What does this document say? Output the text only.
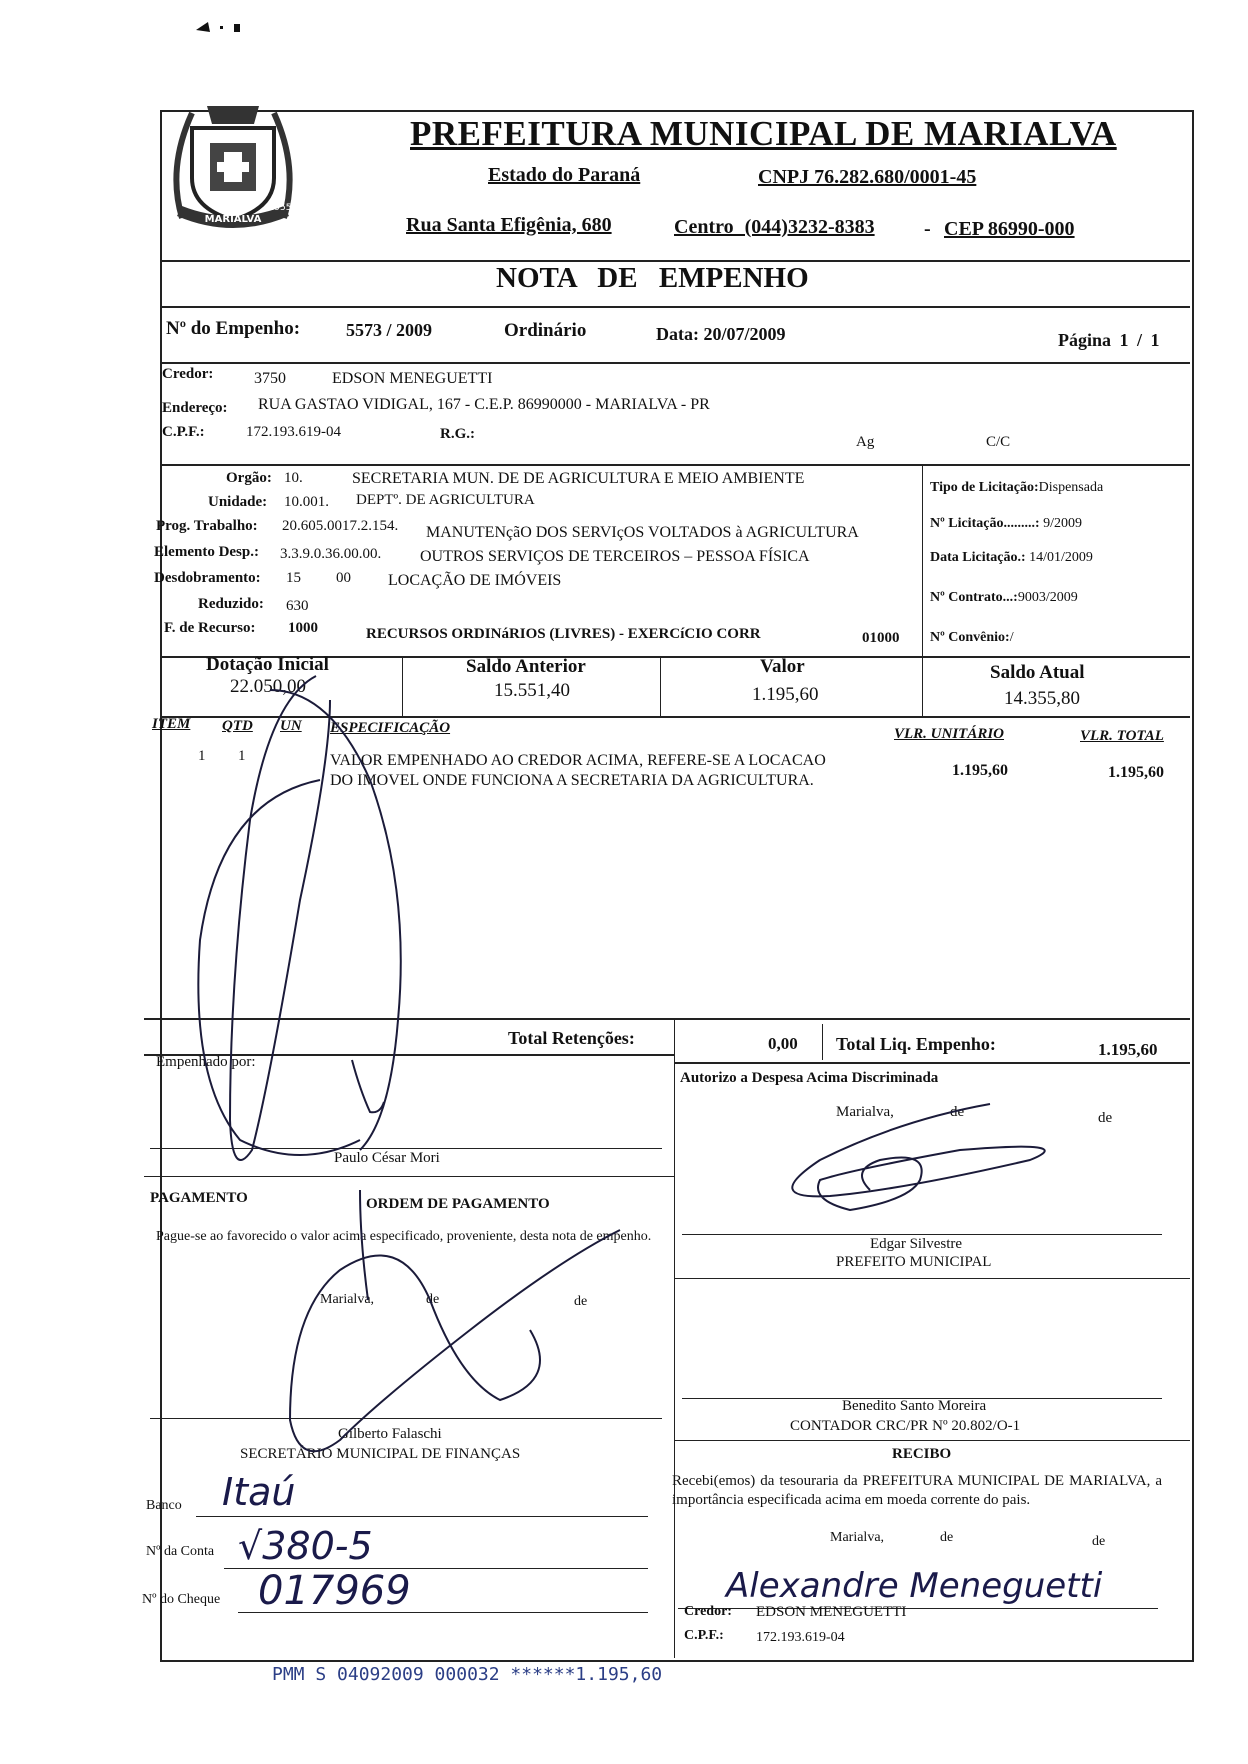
MARIALVA
1955
PREFEITURA MUNICIPAL DE MARIALVA
Estado do Paraná	CNPJ 76.282.680/0001-45
Rua Santa Efigênia, 680	Centro (044)3232-8383 - CEP 86990-000
NOTA DE EMPENHO
Nº do Empenho:	5573 / 2009	Ordinário	Data: 20/07/2009	Página 1 / 1
Credor:	3750	EDSON MENEGUETTI
Endereço: RUA GASTAO VIDIGAL, 167 - C.E.P. 86990000 - MARIALVA - PR
C.P.F.:	172.193.619-04	R.G.:	Ag	C/C
Orgão: 10.	SECRETARIA MUN. DE DE AGRICULTURA E MEIO AMBIENTE
Unidade: 10.001. DEPTº. DE AGRICULTURA
Prog. Trabalho: 20.605.0017.2.154. MANUTENçãO DOS SERVIçOS VOLTADOS à AGRICULTURA
Elemento Desp.: 3.3.9.0.36.00.00. OUTROS SERVIÇOS DE TERCEIROS – PESSOA FÍSICA
Desdobramento: 15 00 LOCAÇÃO DE IMÓVEIS
Reduzido: 630
F. de Recurso: 1000	RECURSOS ORDINáRIOS (LIVRES) - EXERCíCIO CORR	01000
Tipo de Licitação:Dispensada
Nº Licitação.........: 9/2009
Data Licitação.: 14/01/2009
Nº Contrato...:9003/2009
Nº Convênio:/
Dotação Inicial
22.050,00
Saldo Anterior
15.551,40
Valor
1.195,60
Saldo Atual
14.355,80
ITEM QTD UN ESPECIFICAÇÃO	VLR. UNITÁRIO	VLR. TOTAL
1 1	VALOR EMPENHADO AO CREDOR ACIMA, REFERE-SE A LOCACAO
DO IMOVEL ONDE FUNCIONA A SECRETARIA DA AGRICULTURA.
1.195,60	1.195,60
Total Retenções:	0,00 Total Liq. Empenho:	1.195,60
Empenhado por:
Paulo César Mori
Autorizo a Despesa Acima Discriminada
Marialva,	de	de
Edgar Silvestre
PREFEITO MUNICIPAL
PAGAMENTO	ORDEM DE PAGAMENTO
Pague-se ao favorecido o valor acima especificado, proveniente, desta nota de empenho.
Marialva,	de	de
Gilberto Falaschi
SECRETÁRIO MUNICIPAL DE FINANÇAS
Benedito Santo Moreira
CONTADOR CRC/PR Nº 20.802/O-1
Banco Itaú
Nº da Conta √380-5
Nº do Cheque 017969
RECIBO
Recebi(emos) da tesouraria da PREFEITURA MUNICIPAL DE MARIALVA, a importância especificada acima em moeda corrente do pais.
Marialva,	de	de
Alexandre Meneguetti
Credor: EDSON MENEGUETTI
C.P.F.: 172.193.619-04
PMM S 04092009 000032 ******1.195,60
